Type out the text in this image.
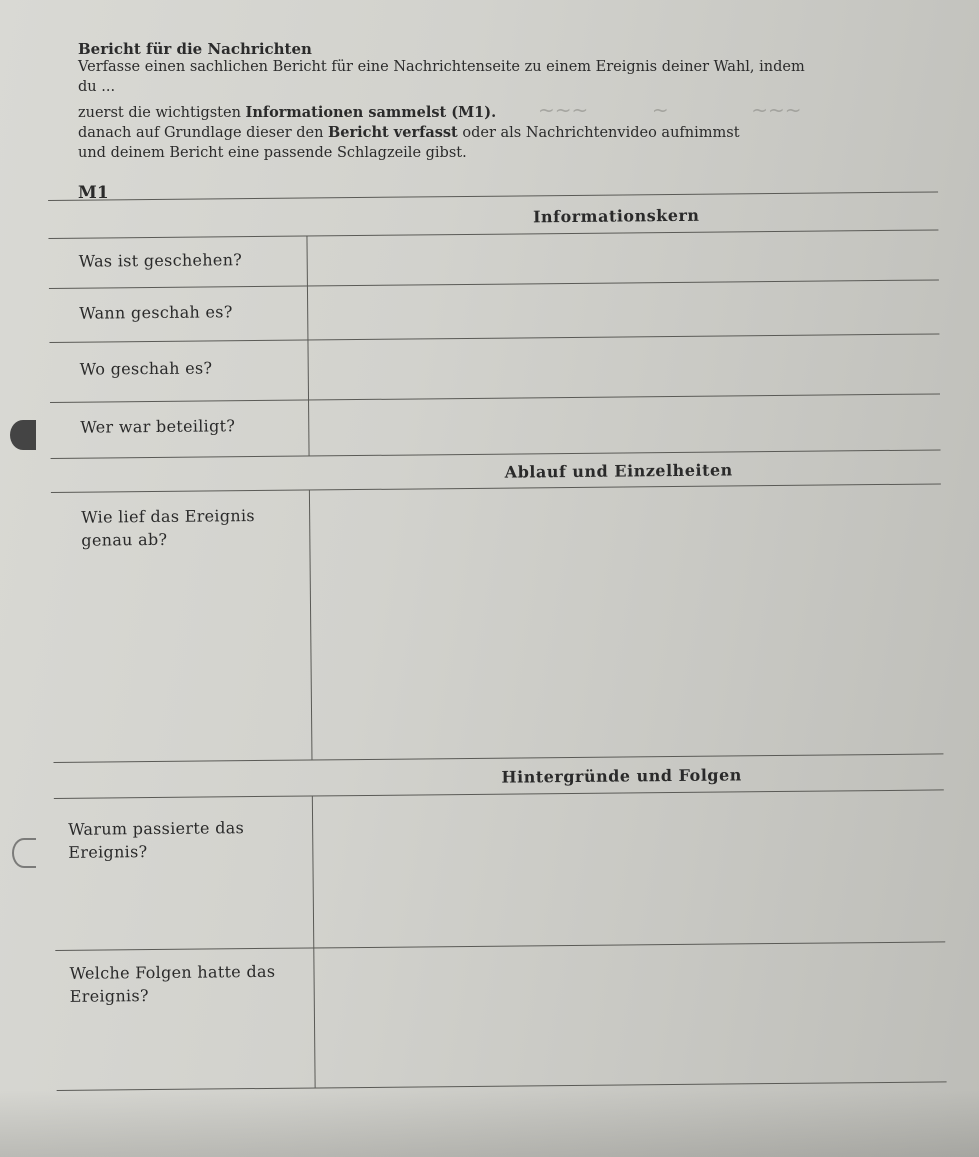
Bericht für die Nachrichten
Verfasse einen sachlichen Bericht für eine Nachrichtenseite zu einem Ereignis deiner Wahl, indem
du ...
zuerst die wichtigsten Informationen sammelst (M1).
danach auf Grundlage dieser den Bericht verfasst oder als Nachrichtenvideo aufnimmst
und deinem Bericht eine passende Schlagzeile gibst.
~~~          ~             ~~~
M1
Informationskern
Ablauf und Einzelheiten
Hintergründe und Folgen
Was ist geschehen?
Wann geschah es?
Wo geschah es?
Wer war beteiligt?
Wie lief das Ereignis
genau ab?
Warum passierte das
Ereignis?
Welche Folgen hatte das
Ereignis?
